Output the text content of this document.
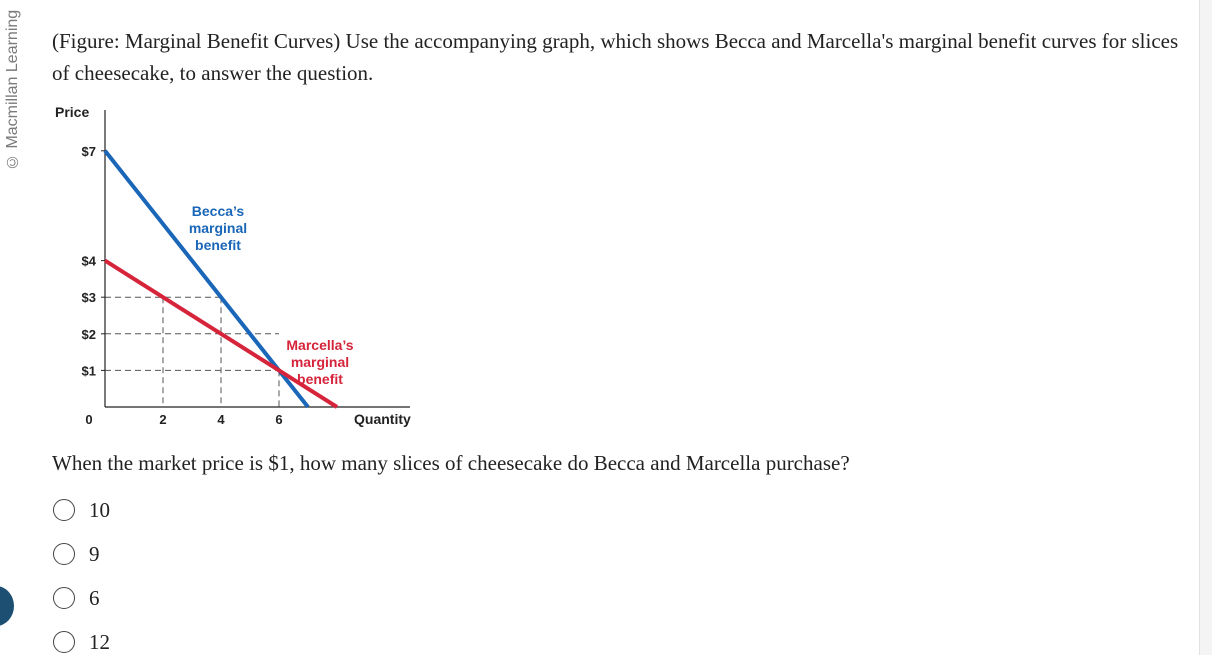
© Macmillan Learning	(Figure: Marginal Benefit Curves) Use the accompanying graph, which shows Becca and Marcella's marginal benefit curves for slices of cheesecake, to answer the question.

Price
Quantity
$7
$4
$3
$2
$1
0	2	4	6
Becca’s
marginal
benefit
Marcella’s
marginal
benefit

When the market price is $1, how many slices of cheesecake do Becca and Marcella purchase?

10
9
6
12
